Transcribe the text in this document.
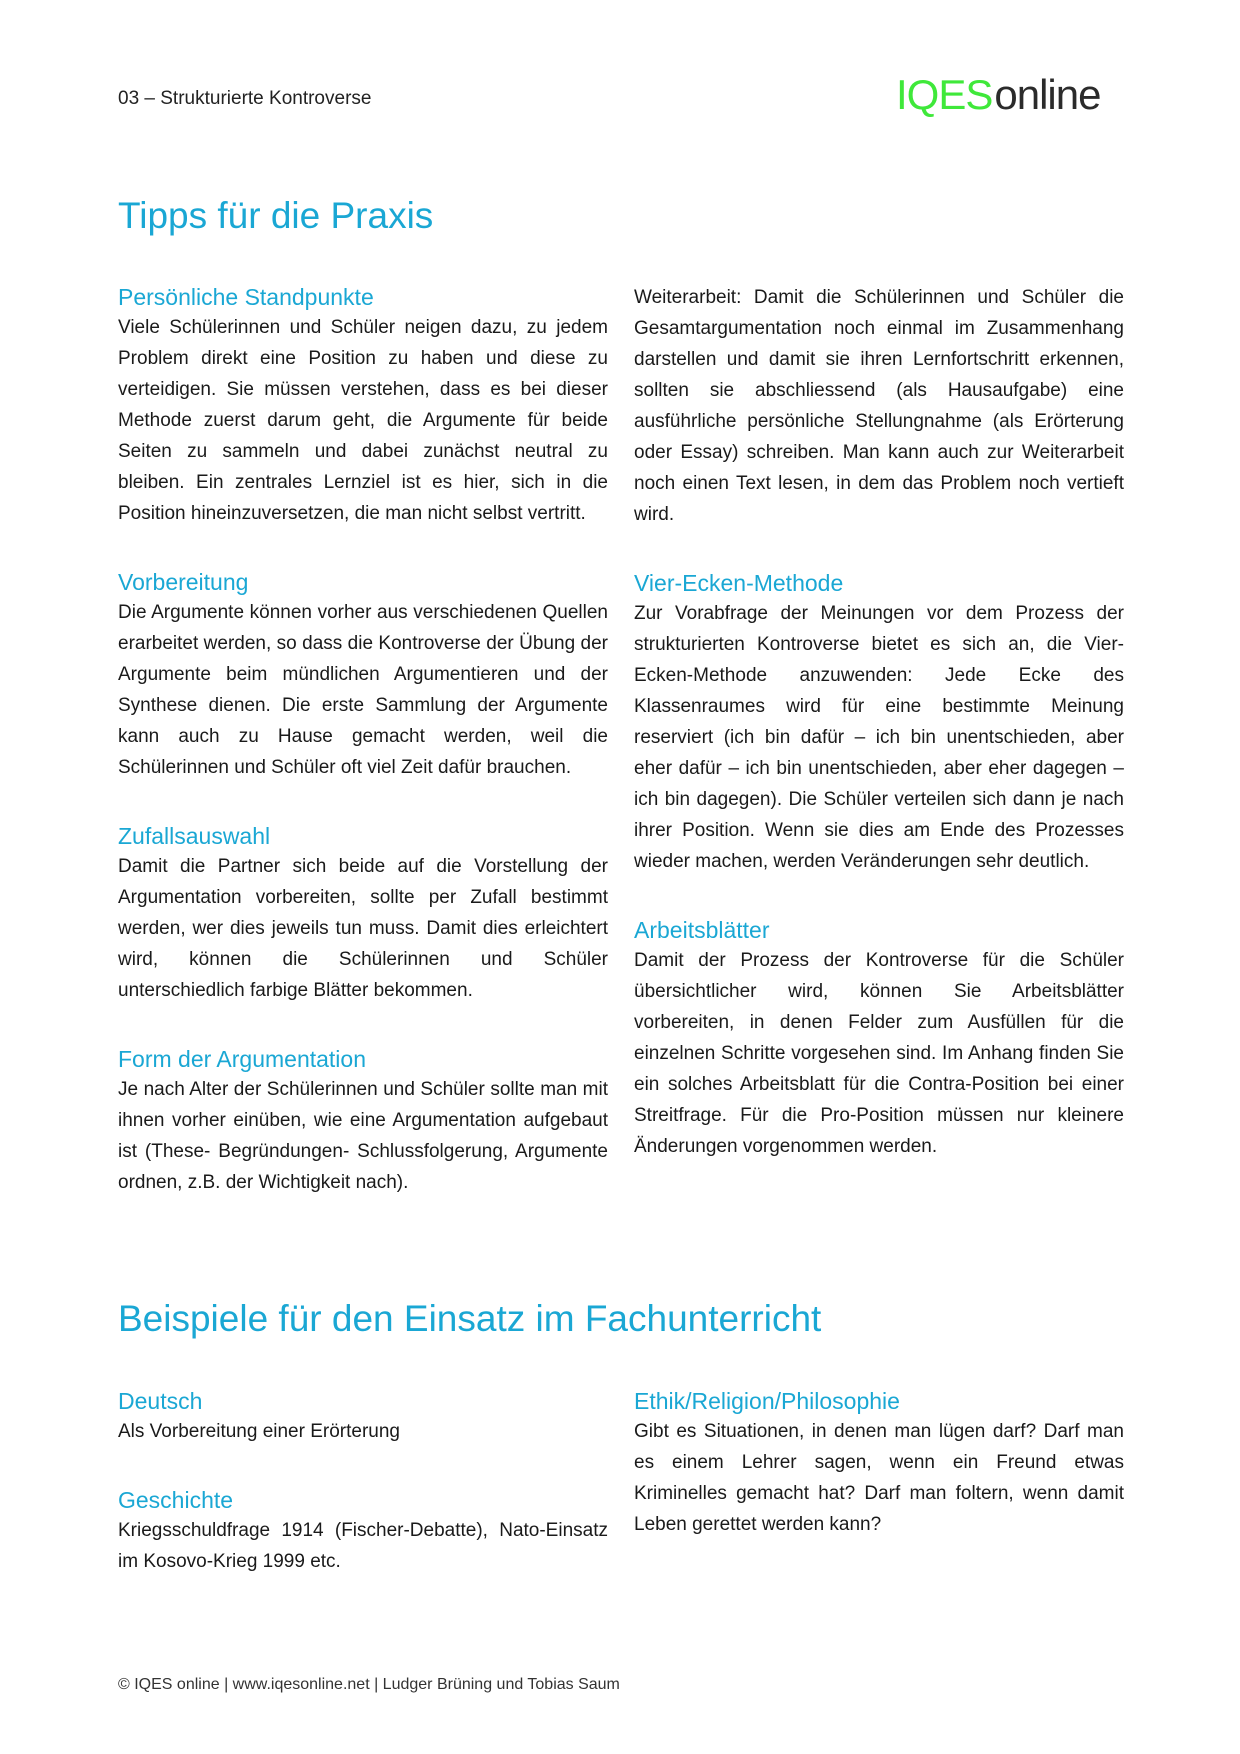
03 – Strukturierte Kontroverse	IQESonline
Tipps für die Praxis
Persönliche Standpunkte

Viele Schülerinnen und Schüler neigen dazu, zu jedem Problem direkt eine Position zu haben und diese zu verteidigen. Sie müssen verstehen, dass es bei dieser Methode zuerst darum geht, die Argumente für beide Seiten zu sammeln und dabei zunächst neutral zu bleiben. Ein zentrales Lernziel ist es hier, sich in die Position hineinzuversetzen, die man nicht selbst vertritt.

Vorbereitung

Die Argumente können vorher aus verschiedenen Quellen erarbeitet werden, so dass die Kontroverse der Übung der Argumente beim mündlichen Argumentieren und der Synthese dienen. Die erste Sammlung der Argumente kann auch zu Hause gemacht werden, weil die Schülerinnen und Schüler oft viel Zeit dafür brauchen.

Zufallsauswahl

Damit die Partner sich beide auf die Vorstellung der Argumentation vorbereiten, sollte per Zufall bestimmt werden, wer dies jeweils tun muss. Damit dies erleichtert wird, können die Schülerinnen und Schüler unterschiedlich farbige Blätter bekommen.

Form der Argumentation

Je nach Alter der Schülerinnen und Schüler sollte man mit ihnen vorher einüben, wie eine Argumentation aufgebaut ist (These- Begründungen- Schlussfolgerung, Argumente ordnen, z.B. der Wichtigkeit nach).

Weiterarbeit: Damit die Schülerinnen und Schüler die Gesamtargumentation noch einmal im Zusammenhang darstellen und damit sie ihren Lernfortschritt erkennen, sollten sie abschliessend (als Hausaufgabe) eine ausführliche persönliche Stellungnahme (als Erörterung oder Essay) schreiben. Man kann auch zur Weiterarbeit noch einen Text lesen, in dem das Problem noch vertieft wird.

Vier-Ecken-Methode

Zur Vorabfrage der Meinungen vor dem Prozess der strukturierten Kontroverse bietet es sich an, die Vier-Ecken-Methode anzuwenden: Jede Ecke des Klassenraumes wird für eine bestimmte Meinung reserviert (ich bin dafür – ich bin unentschieden, aber eher dafür – ich bin unentschieden, aber eher dagegen – ich bin dagegen). Die Schüler verteilen sich dann je nach ihrer Position. Wenn sie dies am Ende des Prozesses wieder machen, werden Veränderungen sehr deutlich.

Arbeitsblätter

Damit der Prozess der Kontroverse für die Schüler übersichtlicher wird, können Sie Arbeitsblätter vorbereiten, in denen Felder zum Ausfüllen für die einzelnen Schritte vorgesehen sind. Im Anhang finden Sie ein solches Arbeitsblatt für die Contra-Position bei einer Streitfrage. Für die Pro-Position müssen nur kleinere Änderungen vorgenommen werden.

Beispiele für den Einsatz im Fachunterricht
Deutsch

Als Vorbereitung einer Erörterung

Geschichte

Kriegsschuldfrage 1914 (Fischer-Debatte), Nato-Einsatz im Kosovo-Krieg 1999 etc.

Ethik/Religion/Philosophie

Gibt es Situationen, in denen man lügen darf? Darf man es einem Lehrer sagen, wenn ein Freund etwas Kriminelles gemacht hat? Darf man foltern, wenn damit Leben gerettet werden kann?

© IQES online | www.iqesonline.net | Ludger Brüning und Tobias Saum
